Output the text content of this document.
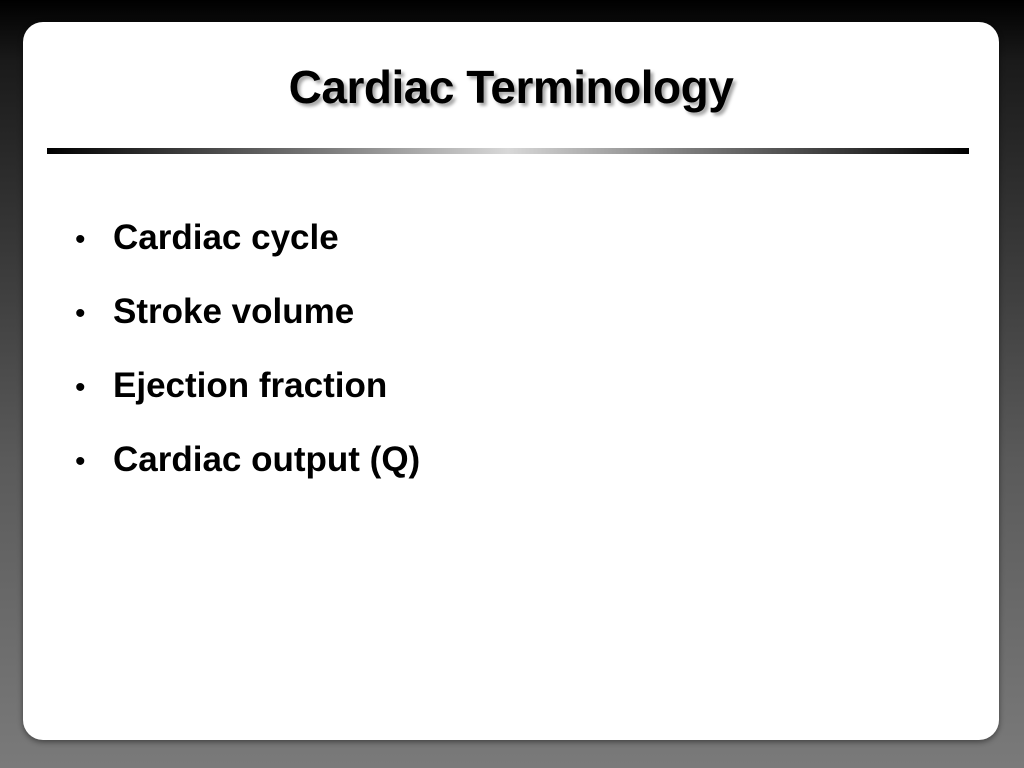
Cardiac Terminology
• Cardiac cycle
• Stroke volume
• Ejection fraction
• Cardiac output (Q)
